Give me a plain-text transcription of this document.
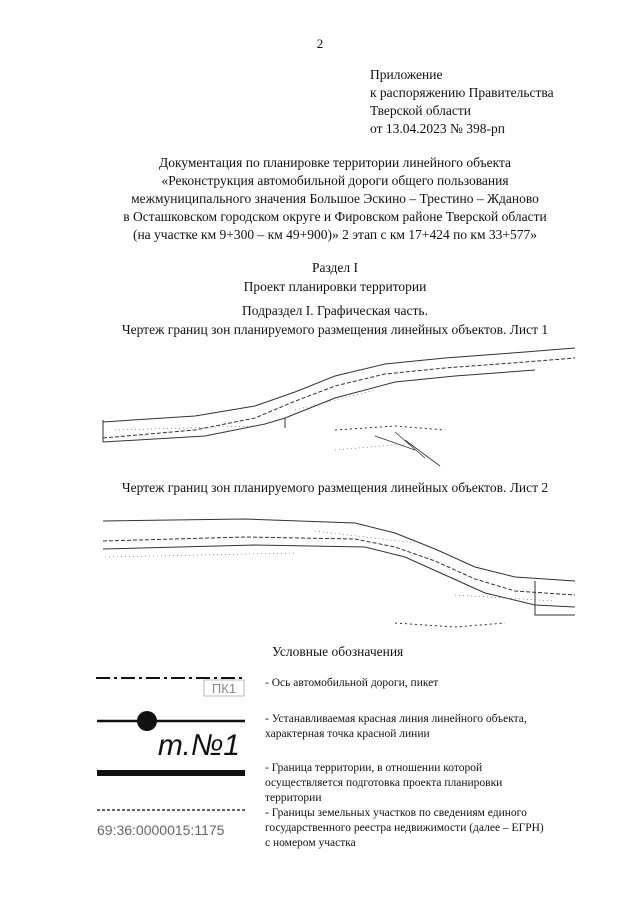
2
Приложение
к распоряжению Правительства
Тверской области
от 13.04.2023 № 398-рп
Документация по планировке территории линейного объекта
«Реконструкция автомобильной дороги общего пользования
межмуниципального значения Большое Эскино – Трестино – Жданово
в Осташковском городском округе и Фировском районе Тверской области
(на участке км 9+300 – км 49+900)» 2 этап с км 17+424 по км 33+577»
Раздел I
Проект планировки территории
Подраздел I. Графическая часть.
Чертеж границ зон планируемого размещения линейных объектов. Лист 1
Чертеж границ зон планируемого размещения линейных объектов. Лист 2
Условные обозначения
ПК1	- Ось автомобильной дороги, пикет
т.№1
- Устанавливаемая красная линия линейного объекта,
характерная точка красной линии
- Граница территории, в отношении которой
осуществляется подготовка проекта планировки
территории
69:36:0000015:1175
- Границы земельных участков по сведениям единого
государственного реестра недвижимости (далее – ЕГРН)
с номером участка
